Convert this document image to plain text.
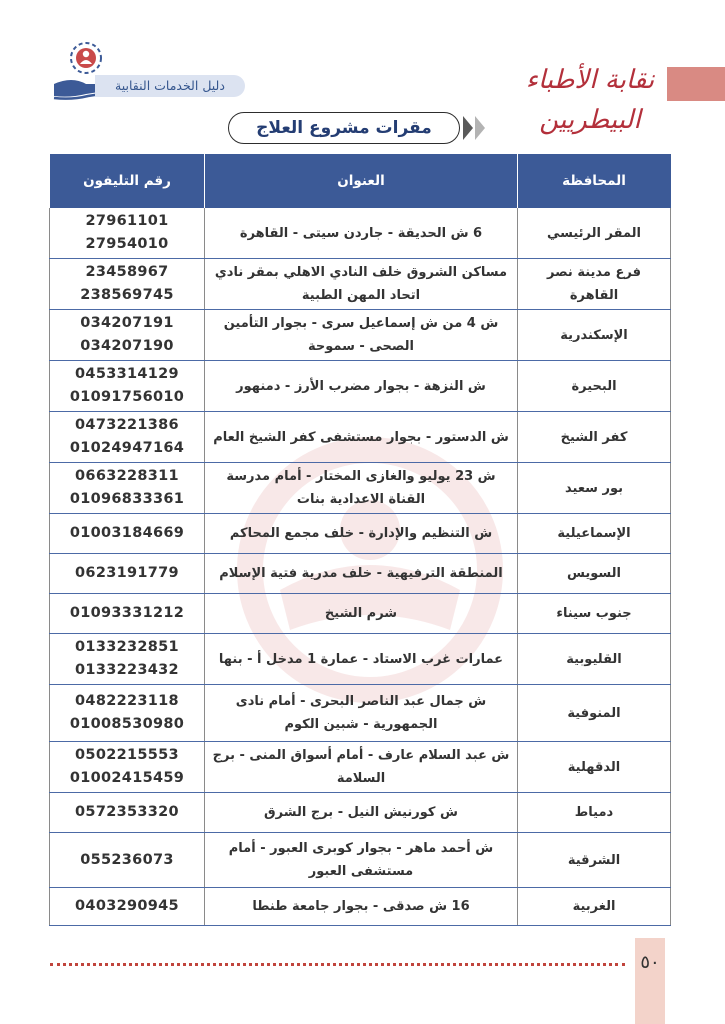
نقابة الأطباء البيطريين
دليل الخدمات النقابية
مقرات مشروع العلاج
المحافظة	العنوان	رقم التليفون
المقر الرئيسي	6 ش الحديقة - جاردن سيتى - القاهرة	27961101
27954010

فرع مدينة نصر القاهرة	مساكن الشروق خلف النادي الاهلي بمقر نادي اتحاد المهن الطبية	23458967
238569745

الإسكندرية	ش 4 من ش إسماعيل سرى - بجوار التأمين الصحى - سموحة	034207191
034207190

البحيرة	ش النزهة - بجوار مضرب الأرز - دمنهور	0453314129
01091756010

كفر الشيخ	ش الدستور - بجوار مستشفى كفر الشيخ العام	0473221386
01024947164

بور سعيد	ش 23 يوليو والغازى المختار - أمام مدرسة القناة الاعدادية بنات	0663228311
01096833361

الإسماعيلية	ش التنظيم والإدارة - خلف مجمع المحاكم	01003184669

السويس	المنطقة الترفيهية - خلف مدرية فتية الإسلام	0623191779

جنوب سيناء	شرم الشيخ	01093331212

القليوبية	عمارات غرب الاستاد - عمارة 1 مدخل أ - بنها	0133232851
0133223432

المنوفية	ش جمال عبد الناصر البحرى - أمام نادى الجمهورية - شبين الكوم	0482223118
01008530980

الدقهلية	ش عبد السلام عارف - أمام أسواق المنى - برج السلامة	0502215553
01002415459

دمياط	ش كورنيش النيل - برج الشرق	0572353320

الشرقية	ش أحمد ماهر - بجوار كوبرى العبور - أمام مستشفى العبور	055236073

الغربية	16 ش صدقى - بجوار جامعة طنطا	0403290945
٥٠
